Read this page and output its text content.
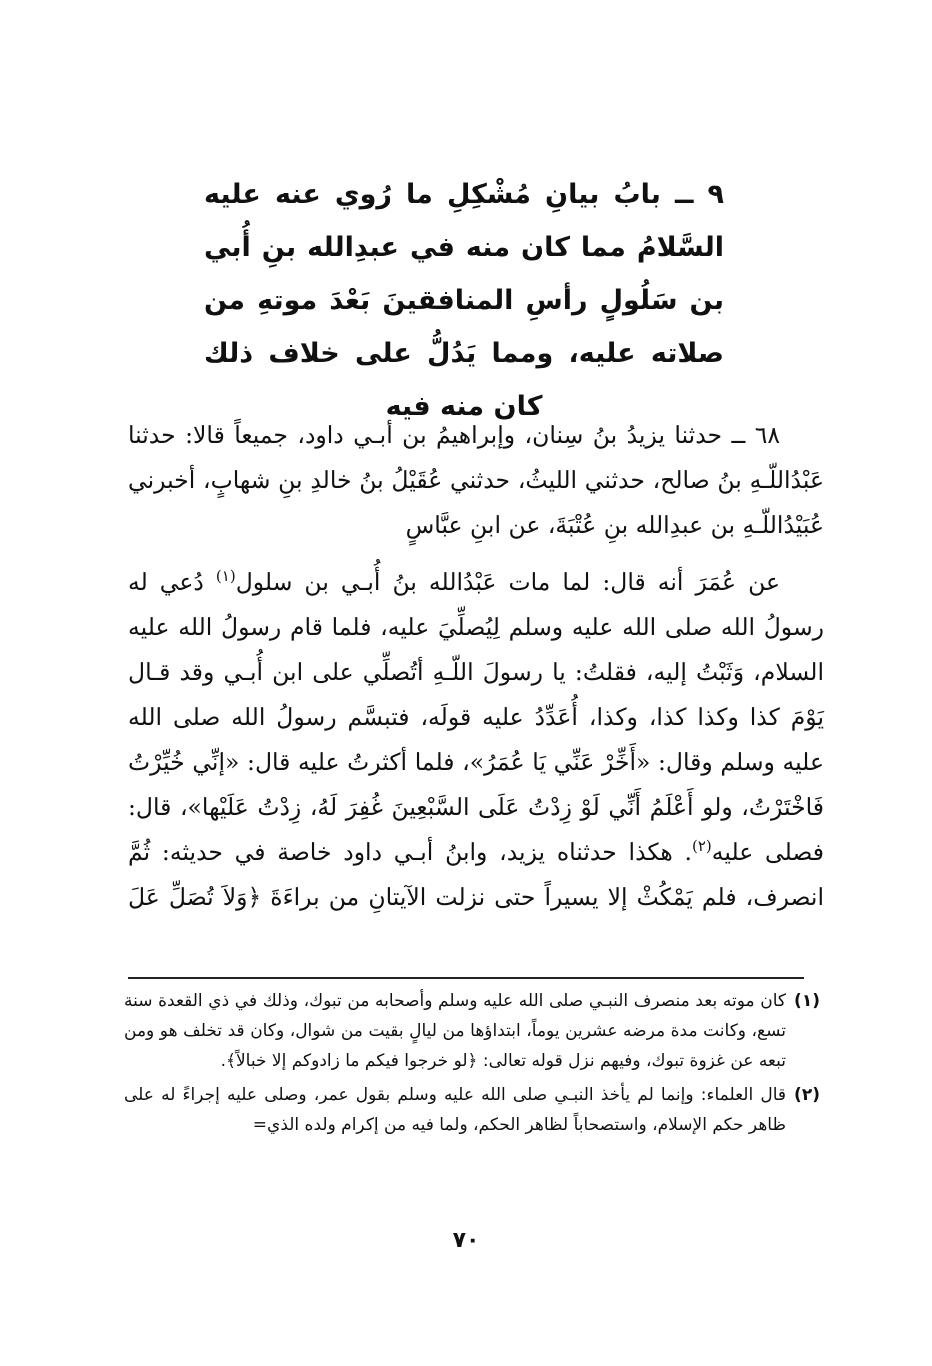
٩ ــ بابُ بيانِ مُشْكِلِ ما رُوي عنه عليه السَّلامُ مما كان منه في عبدِالله بنِ أُبي بن سَلُولٍ رأسِ المنافقينَ بَعْدَ موتهِ من صلاته عليه، ومما يَدُلُّ على خلاف ذلك كان منه فيه

٦٨ ــ حدثنا يزيدُ بنُ سِنان، وإبراهيمُ بن أبـي داود، جميعاً قالا: حدثنا عَبْدُاللّـهِ بنُ صالح، حدثني الليثُ، حدثني عُقَيْلُ بنُ خالدِ بنِ شهابٍ، أخبرني عُبَيْدُاللّـهِ بن عبدِالله بنِ عُتْبَةَ، عن ابنِ عبَّاسٍ

عن عُمَرَ أنه قال: لما مات عَبْدُالله بنُ أُبـي بن سلول$^{(١)}$ دُعي له رسولُ الله صلى الله عليه وسلم لِيُصلِّيَ عليه، فلما قام رسولُ الله عليه السلام، وَثَبْتُ إليه، فقلتُ: يا رسولَ اللّـهِ أتُصلِّي على ابن أُبـي وقد قـال يَوْمَ كذا وكذا كذا، وكذا، أُعَدِّدُ عليه قولَه، فتبسَّم رسولُ الله صلى الله عليه وسلم وقال: «أَخِّرْ عَنِّي يَا عُمَرُ»، فلما أكثرتُ عليه قال: «إنِّي خُيِّرْتُ فَاخْتَرْتُ، ولو أَعْلَمُ أَنِّي لَوْ زِدْتُ عَلَى السَّبْعِينَ غُفِرَ لَهُ، زِدْتُ عَلَيْها»، قال: فصلى عليه$^{(٢)}$. هكذا حدثناه يزيد، وابنُ أبـي داود خاصة في حديثه: ثُمَّ انصرف، فلم يَمْكُثْ إلا يسيراً حتى نزلت الآيتانِ من براءَةَ ﴿وَلاَ تُصَلِّ عَلَ

(١)كان موته بعد منصرف النبـي صلى الله عليه وسلم وأصحابه من تبوك، وذلك في ذي القعدة سنة تسع، وكانت مدة مرضه عشرين يوماً، ابتداؤها من ليالٍ بقيت من شوال، وكان قد تخلف هو ومن تبعه عن غزوة تبوك، وفيهم نزل قوله تعالى: ﴿لو خرجوا فيكم ما زادوكم إلا خبالاً﴾.
(٢)قال العلماء: وإنما لم يأخذ النبـي صلى الله عليه وسلم بقول عمر، وصلى عليه إجراءً له على ظاهر حكم الإسلام، واستصحاباً لظاهر الحكم، ولما فيه من إكرام ولده الذي=
٧٠
